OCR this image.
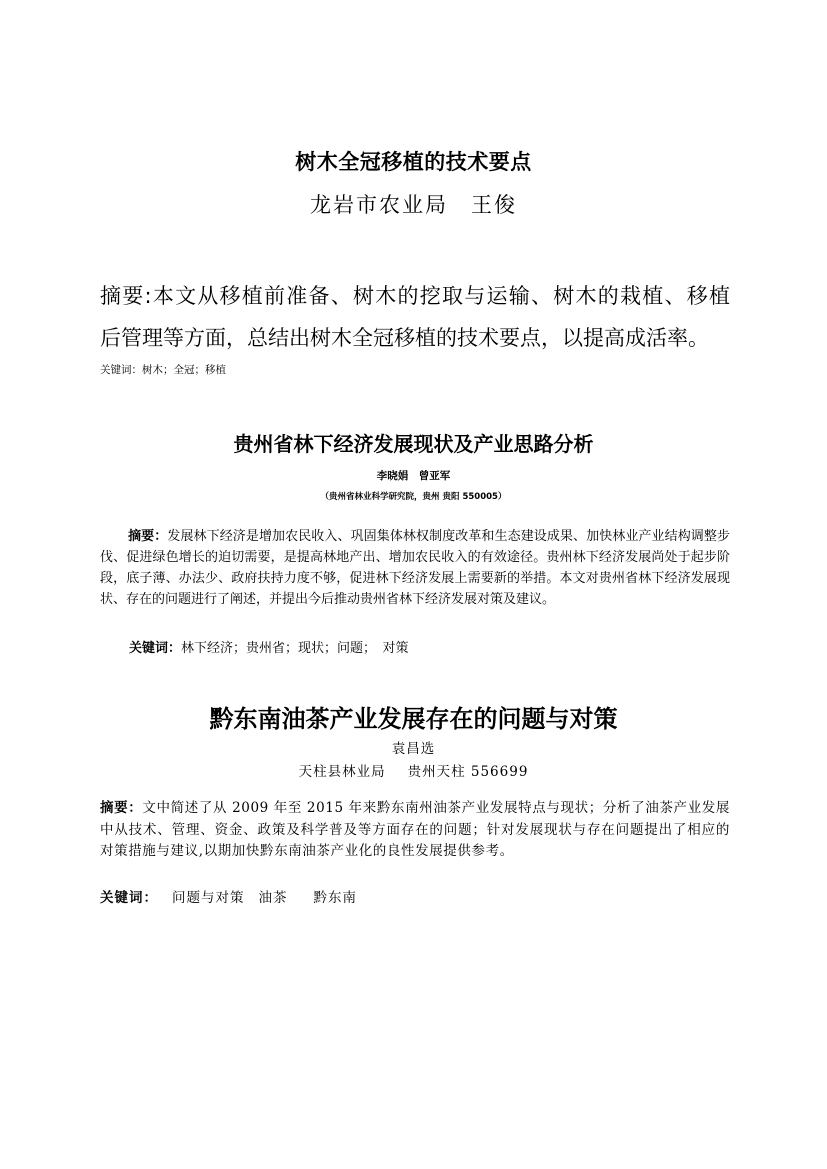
树木全冠移植的技术要点
龙岩市农业局　王俊
摘要:本文从移植前准备、树木的挖取与运输、树木的栽植、移植
后管理等方面，总结出树木全冠移植的技术要点，以提高成活率。
关键词：树木；全冠；移植
贵州省林下经济发展现状及产业思路分析
李晓娟　曾亚军
（贵州省林业科学研究院，贵州 贵阳 550005）
摘要：发展林下经济是增加农民收入、巩固集体林权制度改革和生态建设成果、加快林业产业结构调整步伐、促进绿色增长的迫切需要，是提高林地产出、增加农民收入的有效途径。贵州林下经济发展尚处于起步阶段，底子薄、办法少、政府扶持力度不够，促进林下经济发展上需要新的举措。本文对贵州省林下经济发展现状、存在的问题进行了阐述，并提出今后推动贵州省林下经济发展对策及建议。
关键词：林下经济；贵州省；现状；问题；　对策
黔东南油茶产业发展存在的问题与对策
袁昌选
天柱县林业局 贵州天柱 556699
摘要：文中简述了从 2009 年至 2015 年来黔东南州油茶产业发展特点与现状；分析了油茶产业发展中从技术、管理、资金、政策及科学普及等方面存在的问题；针对发展现状与存在问题提出了相应的对策措施与建议,以期加快黔东南油茶产业化的良性发展提供参考。
关键词： 问题与对策 油茶 黔东南
